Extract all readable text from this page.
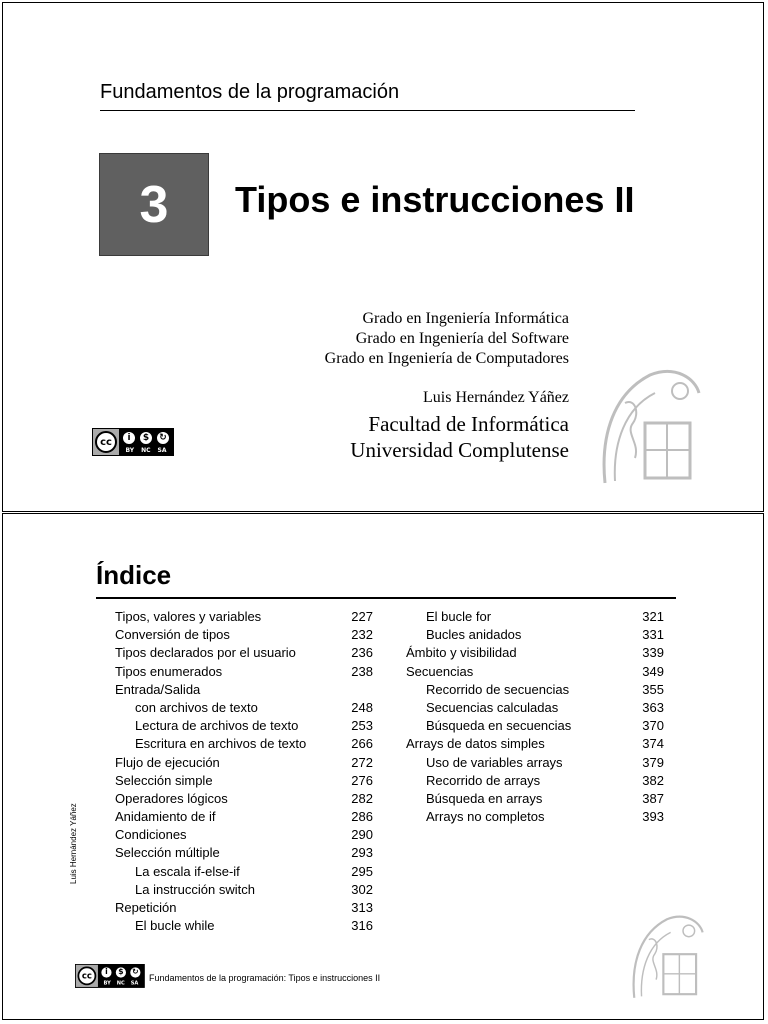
Fundamentos de la programación
3	Tipos e instrucciones II
Grado en Ingeniería Informática
Grado en Ingeniería del Software
Grado en Ingeniería de Computadores
Luis Hernández Yáñez
Facultad de Informática
Universidad Complutense
cc	i	$	↻
BY NC SA
Índice
Tipos, valores y variables	227
Conversión de tipos	232
Tipos declarados por el usuario	236
Tipos enumerados	238
Entrada/Salida
con archivos de texto	248
Lectura de archivos de texto	253
Escritura en archivos de texto	266
Flujo de ejecución	272
Selección simple	276
Operadores lógicos	282
Anidamiento de if	286
Condiciones	290
Selección múltiple	293
La escala if-else-if	295
La instrucción switch	302
Repetición	313
El bucle while	316
El bucle for	321
Bucles anidados	331
Ámbito y visibilidad	339
Secuencias	349
Recorrido de secuencias	355
Secuencias calculadas	363
Búsqueda en secuencias	370
Arrays de datos simples	374
Uso de variables arrays	379
Recorrido de arrays	382
Búsqueda en arrays	387
Arrays no completos	393
Luis Hernández Yáñez
cc	i	$ ↻
BY NC SA
Fundamentos de la programación: Tipos e instrucciones II
